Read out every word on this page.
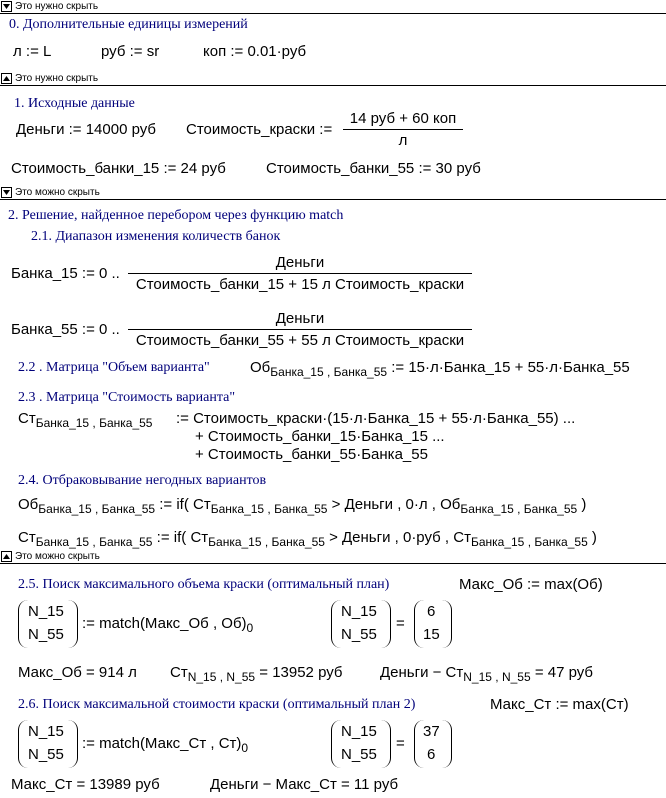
Это нужно скрыть
Это нужно скрыть
Это можно скрыть
Это можно скрыть
0. Дополнительные единицы измерений
л := L	руб := sr	коп := 0.01·руб
1. Исходные данные
Деньги := 14000 руб Стоимость_краски :=
14 руб + 60 коп
л
Стоимость_банки_15 := 24 руб	Стоимость_банки_55 := 30 руб
2. Решение, найденное перебором через функцию match
2.1. Диапазон изменения количеств банок
Банка_15 := 0 ..
Деньги
Стоимость_банки_15 + 15 л Стоимость_краски
Банка_55 := 0 ..
Деньги
Стоимость_банки_55 + 55 л Стоимость_краски
2.2 . Матрица "Объем варианта"	$Об_{Банка\_15 , Банка\_55}$ := 15·л·Банка_15 + 55·л·Банка_55
2.3 . Матрица "Стоимость варианта"
$Ст_{Банка\_15 , Банка\_55}$ := Стоимость_краски·(15·л·Банка_15 + 55·л·Банка_55) ...
+ Стоимость_банки_15·Банка_15 ...
+ Стоимость_банки_55·Банка_55
2.4. Отбраковывание негодных вариантов
$Об_{Банка\_15 , Банка\_55}$ := if( $Ст_{Банка\_15 , Банка\_55}$ > Деньги , 0·л , $Об_{Банка\_15 , Банка\_55}$ )
$Ст_{Банка\_15 , Банка\_55}$ := if( $Ст_{Банка\_15 , Банка\_55}$ > Деньги , 0·руб , $Ст_{Банка\_15 , Банка\_55}$ )
2.5. Поиск максимального объема краски (оптимальный план)	Макс_Об := max(Об)
N_15
N_55
:= match(Макс_Об , $Об)_0$
N_15
N_55
=
6
15
Макс_Об = 914 л $Ст_{N\_15 , N\_55} = 13952$ руб Деньги − $Ст_{N\_15 , N\_55} = 47$ руб
2.6. Поиск максимальной стоимости краски (оптимальный план 2)	Макс_Ст := max(Ст)
N_15
N_55
:= match(Макс_Ст , $Ст)_0$
N_15
N_55
=
37
6
Макс_Ст = 13989 руб	Деньги − Макс_Ст = 11 руб
